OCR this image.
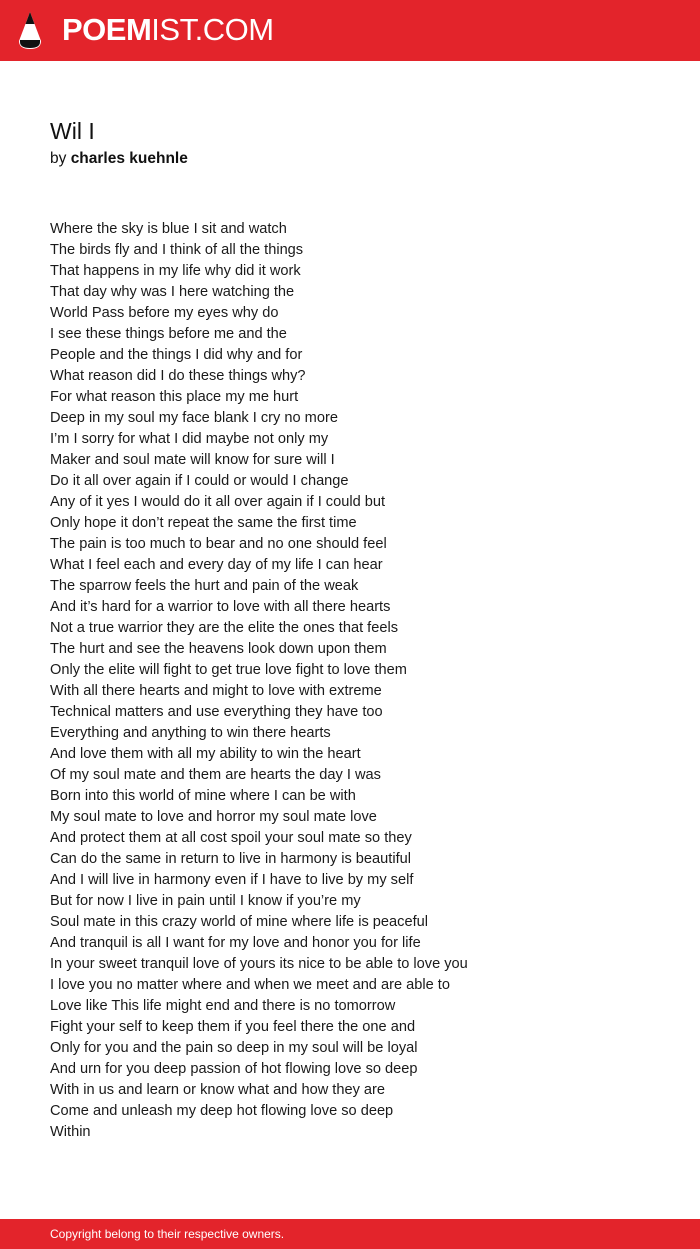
POEMIST.COM
Wil I
by charles kuehnle
Where the sky is blue I sit and watch
The birds fly and I think of all the things
That happens in my life why did it work
That day why was I here watching the
World Pass before my eyes why do
I see these things before me and the
People and the things I did why and for
What reason did I do these things why?
For what reason this place my me hurt
Deep in my soul my face blank I cry no more
I’m I sorry for what I did maybe not only my
Maker and soul mate will know for sure will I
Do it all over again if I could or would I change
Any of it yes I would do it all over again if I could but
Only hope it don’t repeat the same the first time
The pain is too much to bear and no one should feel
What I feel each and every day of my life I can hear
The sparrow feels the hurt and pain of the weak
And it’s hard for a warrior to love with all there hearts
Not a true warrior they are the elite the ones that feels
The hurt and see the heavens look down upon them
Only the elite will fight to get true love fight to love them
With all there hearts and might to love with extreme
Technical matters and use everything they have too
Everything and anything to win there hearts
And love them with all my ability to win the heart
Of my soul mate and them are hearts the day I was
Born into this world of mine where I can be with
My soul mate to love and horror my soul mate love
And protect them at all cost spoil your soul mate so they
Can do the same in return to live in harmony is beautiful
And I will live in harmony even if I have to live by my self
But for now I live in pain until I know if you’re my
Soul mate in this crazy world of mine where life is peaceful
And tranquil is all I want for my love and honor you for life
In your sweet tranquil love of yours its nice to be able to love you
I love you no matter where and when we meet and are able to
Love like This life might end and there is no tomorrow
Fight your self to keep them if you feel there the one and
Only for you and the pain so deep in my soul will be loyal
And urn for you deep passion of hot flowing love so deep
With in us and learn or know what and how they are
Come and unleash my deep hot flowing love so deep
Within
Copyright belong to their respective owners.
